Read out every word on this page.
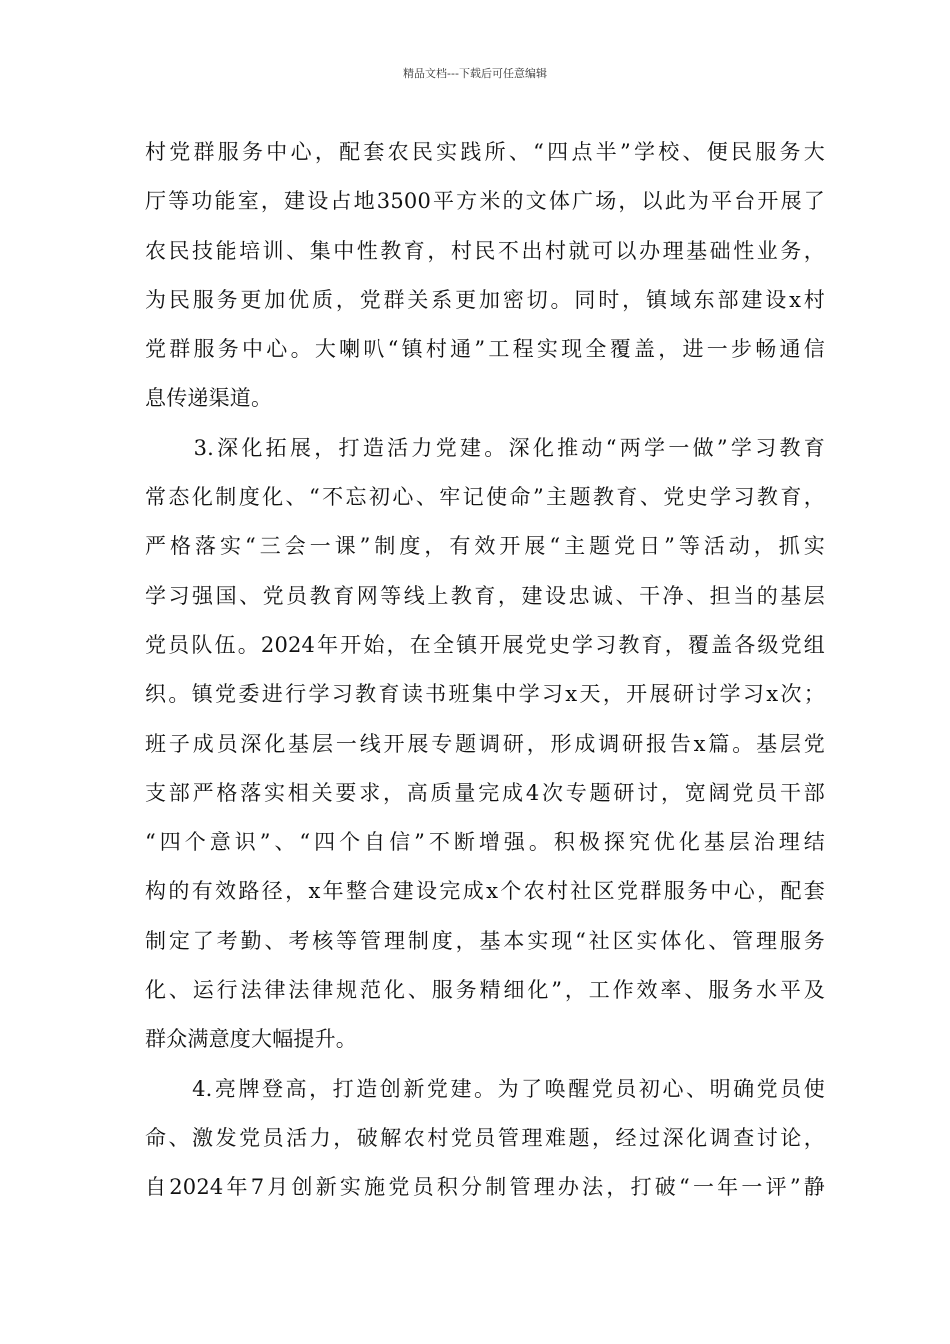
精品文档---下载后可任意编辑
村党群服务中心，配套农民实践所、“四点半”学校、便民服务大
厅等功能室，建设占地3500平方米的文体广场，以此为平台开展了
农民技能培训、集中性教育，村民不出村就可以办理基础性业务，
为民服务更加优质，党群关系更加密切。同时，镇域东部建设x村
党群服务中心。大喇叭“镇村通”工程实现全覆盖，进一步畅通信
息传递渠道。
　　3.深化拓展，打造活力党建。深化推动“两学一做”学习教育
常态化制度化、“不忘初心、牢记使命”主题教育、党史学习教育，
严格落实“三会一课”制度，有效开展“主题党日”等活动，抓实
学习强国、党员教育网等线上教育，建设忠诚、干净、担当的基层
党员队伍。2024年开始，在全镇开展党史学习教育，覆盖各级党组
织。镇党委进行学习教育读书班集中学习x天，开展研讨学习x次；
班子成员深化基层一线开展专题调研，形成调研报告x篇。基层党
支部严格落实相关要求，高质量完成4次专题研讨，宽阔党员干部
“四个意识”、“四个自信”不断增强。积极探究优化基层治理结
构的有效路径，x年整合建设完成x个农村社区党群服务中心，配套
制定了考勤、考核等管理制度，基本实现“社区实体化、管理服务
化、运行法律法律规范化、服务精细化”，工作效率、服务水平及
群众满意度大幅提升。
　　4.亮牌登高，打造创新党建。为了唤醒党员初心、明确党员使
命、激发党员活力，破解农村党员管理难题，经过深化调查讨论，
自2024年7月创新实施党员积分制管理办法，打破“一年一评”静
